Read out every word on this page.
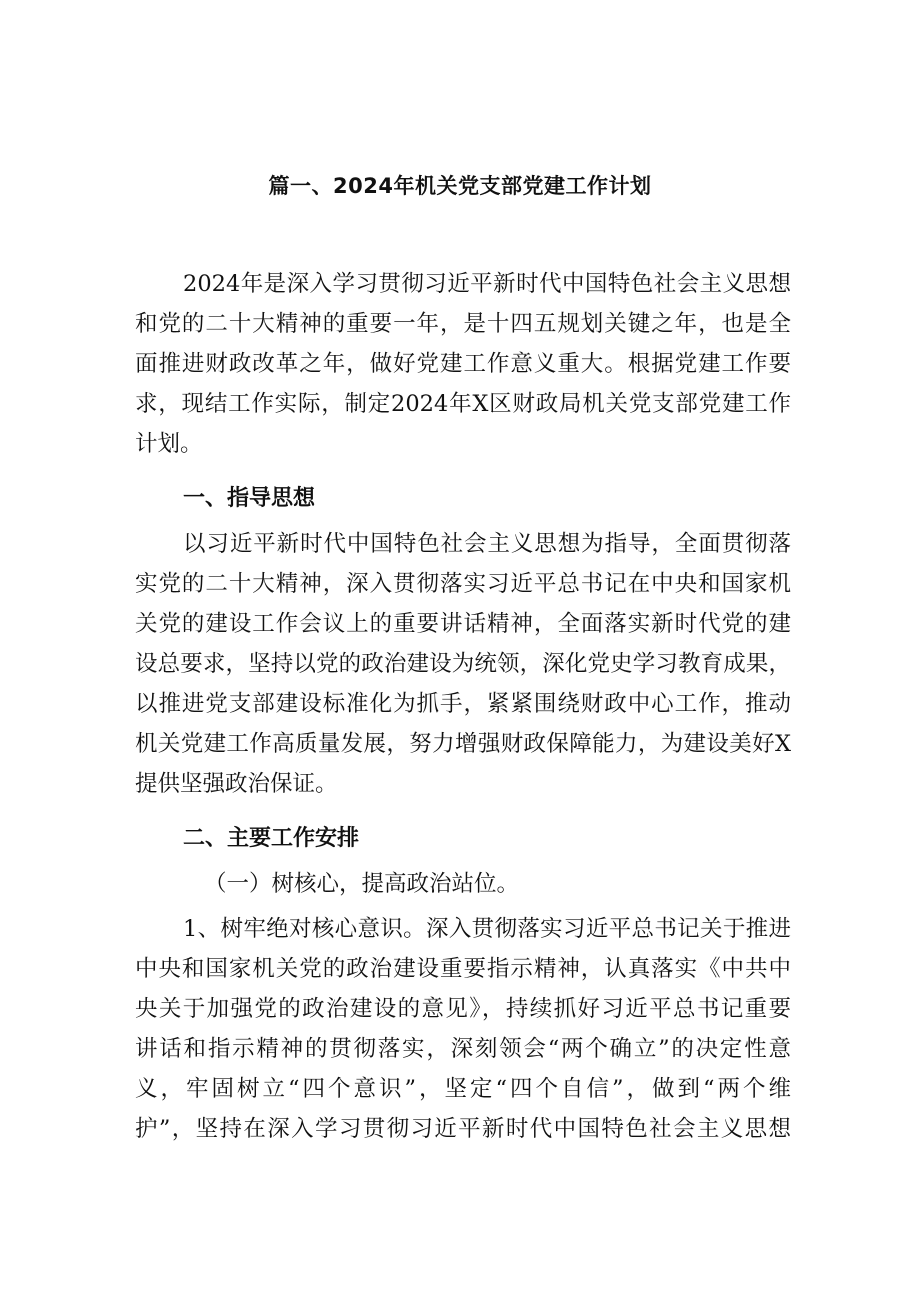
篇一、2024年机关党支部党建工作计划
2024年是深入学习贯彻习近平新时代中国特色社会主义思想
和党的二十大精神的重要一年，是十四五规划关键之年，也是全
面推进财政改革之年，做好党建工作意义重大。根据党建工作要
求，现结工作实际，制定2024年X区财政局机关党支部党建工作
计划。
一、指导思想
以习近平新时代中国特色社会主义思想为指导，全面贯彻落
实党的二十大精神，深入贯彻落实习近平总书记在中央和国家机
关党的建设工作会议上的重要讲话精神，全面落实新时代党的建
设总要求，坚持以党的政治建设为统领，深化党史学习教育成果，
以推进党支部建设标准化为抓手，紧紧围绕财政中心工作，推动
机关党建工作高质量发展，努力增强财政保障能力，为建设美好X
提供坚强政治保证。
二、主要工作安排
（一）树核心，提高政治站位。
1、树牢绝对核心意识。深入贯彻落实习近平总书记关于推进
中央和国家机关党的政治建设重要指示精神，认真落实《中共中
央关于加强党的政治建设的意见》，持续抓好习近平总书记重要
讲话和指示精神的贯彻落实，深刻领会“两个确立”的决定性意
义，牢固树立“四个意识”，坚定“四个自信”，做到“两个维
护”，坚持在深入学习贯彻习近平新时代中国特色社会主义思想
